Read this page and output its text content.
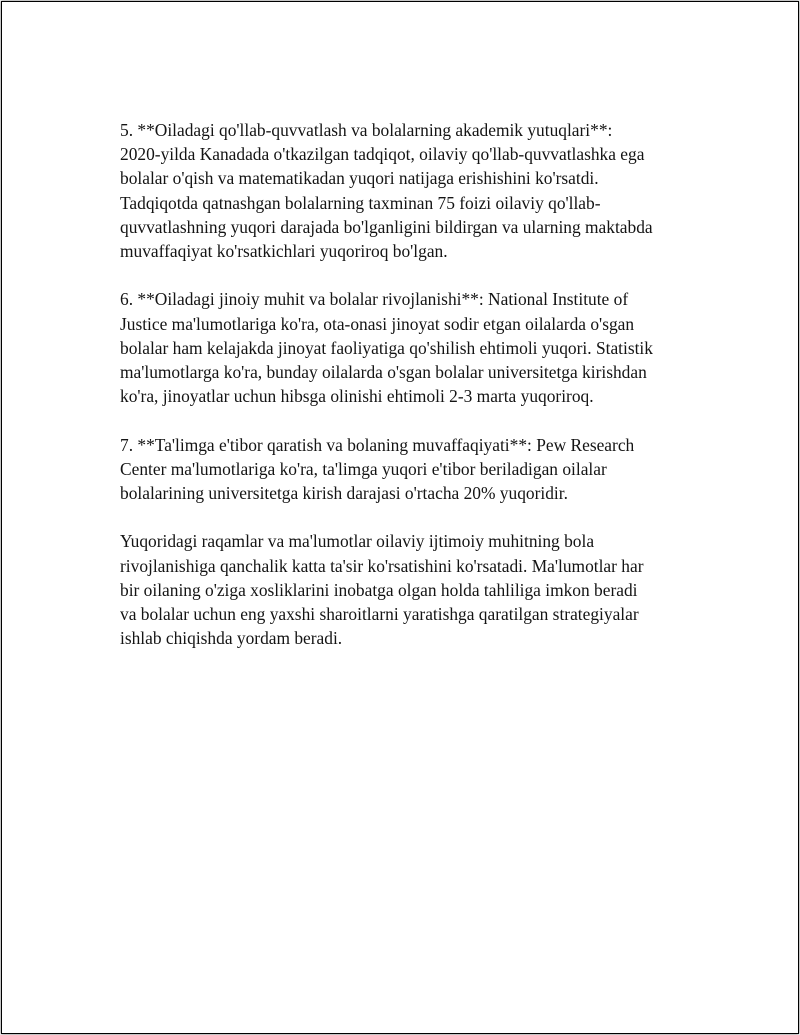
5. **Oiladagi qo'llab-quvvatlash va bolalarning akademik yutuqlari**:
2020-yilda Kanadada o'tkazilgan tadqiqot, oilaviy qo'llab-quvvatlashka ega
bolalar o'qish va matematikadan yuqori natijaga erishishini ko'rsatdi.
Tadqiqotda qatnashgan bolalarning taxminan 75 foizi oilaviy qo'llab-
quvvatlashning yuqori darajada bo'lganligini bildirgan va ularning maktabda
muvaffaqiyat ko'rsatkichlari yuqoriroq bo'lgan.

6. **Oiladagi jinoiy muhit va bolalar rivojlanishi**: National Institute of
Justice ma'lumotlariga ko'ra, ota-onasi jinoyat sodir etgan oilalarda o'sgan
bolalar ham kelajakda jinoyat faoliyatiga qo'shilish ehtimoli yuqori. Statistik
ma'lumotlarga ko'ra, bunday oilalarda o'sgan bolalar universitetga kirishdan
ko'ra, jinoyatlar uchun hibsga olinishi ehtimoli 2-3 marta yuqoriroq.

7. **Ta'limga e'tibor qaratish va bolaning muvaffaqiyati**: Pew Research
Center ma'lumotlariga ko'ra, ta'limga yuqori e'tibor beriladigan oilalar
bolalarining universitetga kirish darajasi o'rtacha 20% yuqoridir.

Yuqoridagi raqamlar va ma'lumotlar oilaviy ijtimoiy muhitning bola
rivojlanishiga qanchalik katta ta'sir ko'rsatishini ko'rsatadi. Ma'lumotlar har
bir oilaning o'ziga xosliklarini inobatga olgan holda tahliliga imkon beradi
va bolalar uchun eng yaxshi sharoitlarni yaratishga qaratilgan strategiyalar
ishlab chiqishda yordam beradi.
